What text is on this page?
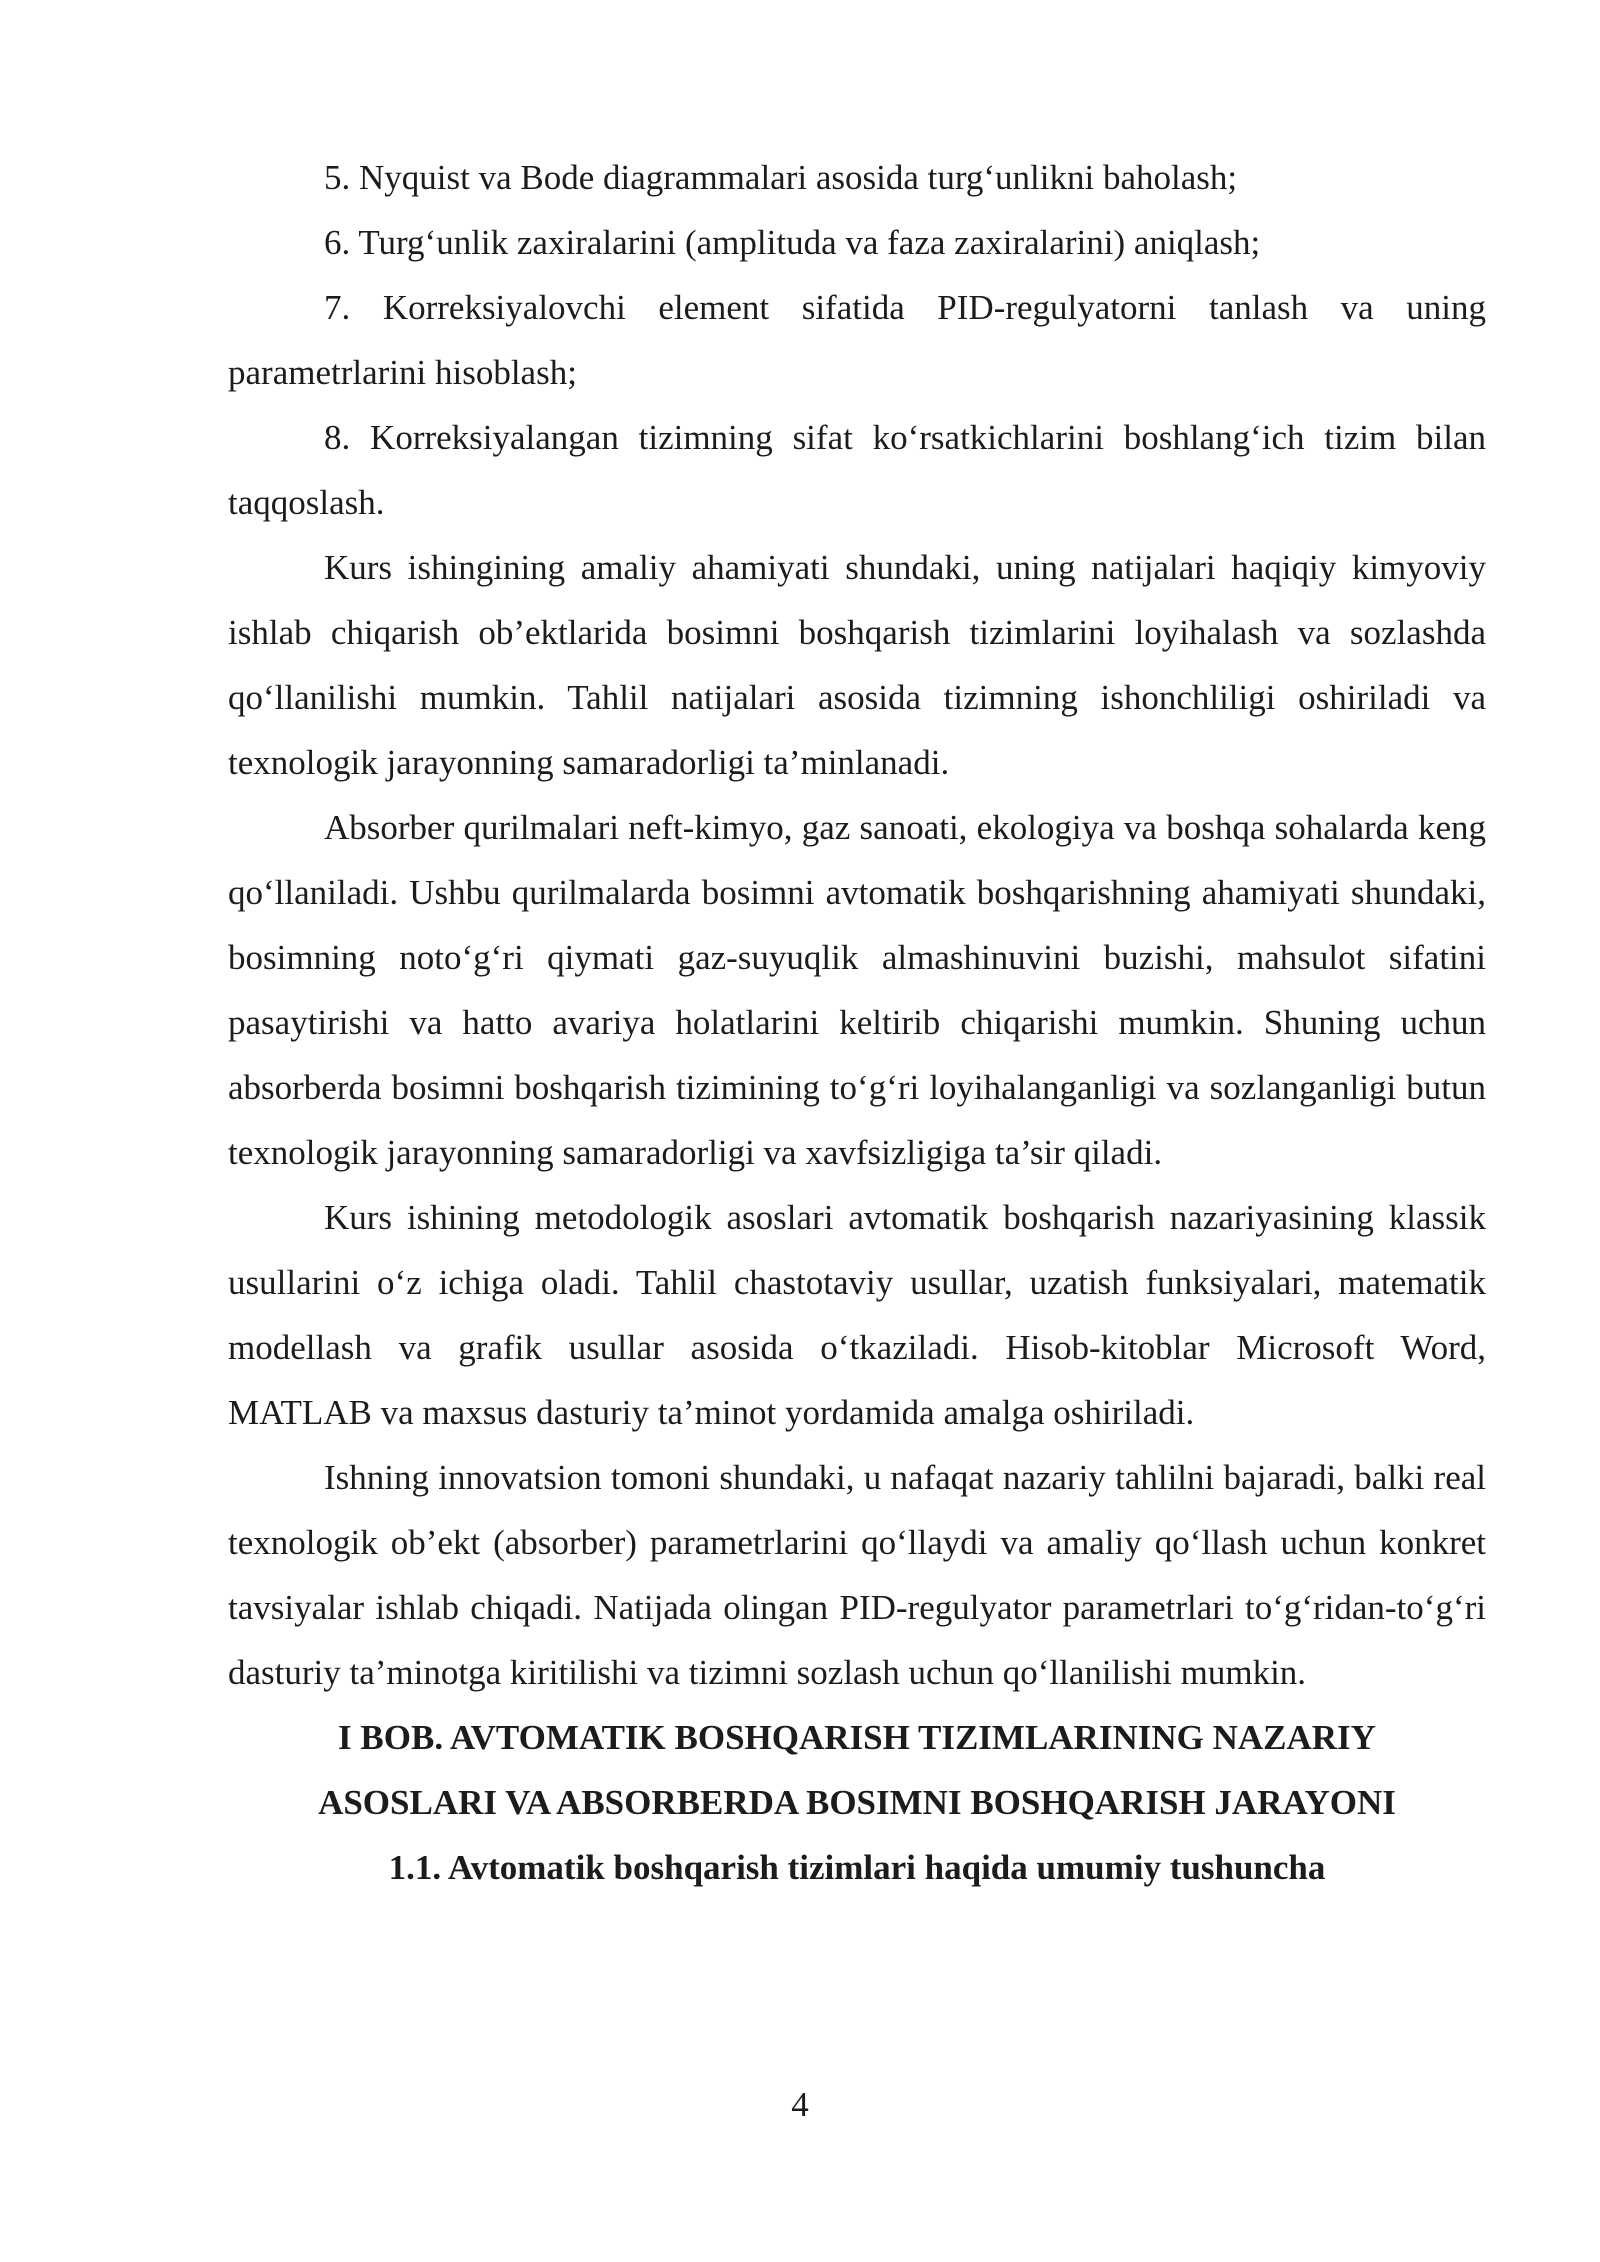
5. Nyquist va Bode diagrammalari asosida turg‘unlikni baholash;

6. Turg‘unlik zaxiralarini (amplituda va faza zaxiralarini) aniqlash;

7. Korreksiyalovchi element sifatida PID-regulyatorni tanlash va uning parametrlarini hisoblash;

8. Korreksiyalangan tizimning sifat ko‘rsatkichlarini boshlang‘ich tizim bilan taqqoslash.

Kurs ishingining amaliy ahamiyati shundaki, uning natijalari haqiqiy kimyoviy ishlab chiqarish ob’ektlarida bosimni boshqarish tizimlarini loyihalash va sozlashda qo‘llanilishi mumkin. Tahlil natijalari asosida tizimning ishonchliligi oshiriladi va texnologik jarayonning samaradorligi ta’minlanadi.

Absorber qurilmalari neft-kimyo, gaz sanoati, ekologiya va boshqa sohalarda keng qo‘llaniladi. Ushbu qurilmalarda bosimni avtomatik boshqarishning ahamiyati shundaki, bosimning noto‘g‘ri qiymati gaz-suyuqlik almashinuvini buzishi, mahsulot sifatini pasaytirishi va hatto avariya holatlarini keltirib chiqarishi mumkin. Shuning uchun absorberda bosimni boshqarish tizimining to‘g‘ri loyihalanganligi va sozlanganligi butun texnologik jarayonning samaradorligi va xavfsizligiga ta’sir qiladi.

Kurs ishining metodologik asoslari avtomatik boshqarish nazariyasining klassik usullarini o‘z ichiga oladi. Tahlil chastotaviy usullar, uzatish funksiyalari, matematik modellash va grafik usullar asosida o‘tkaziladi. Hisob-kitoblar Microsoft Word, MATLAB va maxsus dasturiy ta’minot yordamida amalga oshiriladi.

Ishning innovatsion tomoni shundaki, u nafaqat nazariy tahlilni bajaradi, balki real texnologik ob’ekt (absorber) parametrlarini qo‘llaydi va amaliy qo‘llash uchun konkret tavsiyalar ishlab chiqadi. Natijada olingan PID-regulyator parametrlari to‘g‘ridan-to‘g‘ri dasturiy ta’minotga kiritilishi va tizimni sozlash uchun qo‘llanilishi mumkin.

I BOB. AVTOMATIK BOSHQARISH TIZIMLARINING NAZARIY
ASOSLARI VA ABSORBERDA BOSIMNI BOSHQARISH JARAYONI
1.1. Avtomatik boshqarish tizimlari haqida umumiy tushuncha
4
